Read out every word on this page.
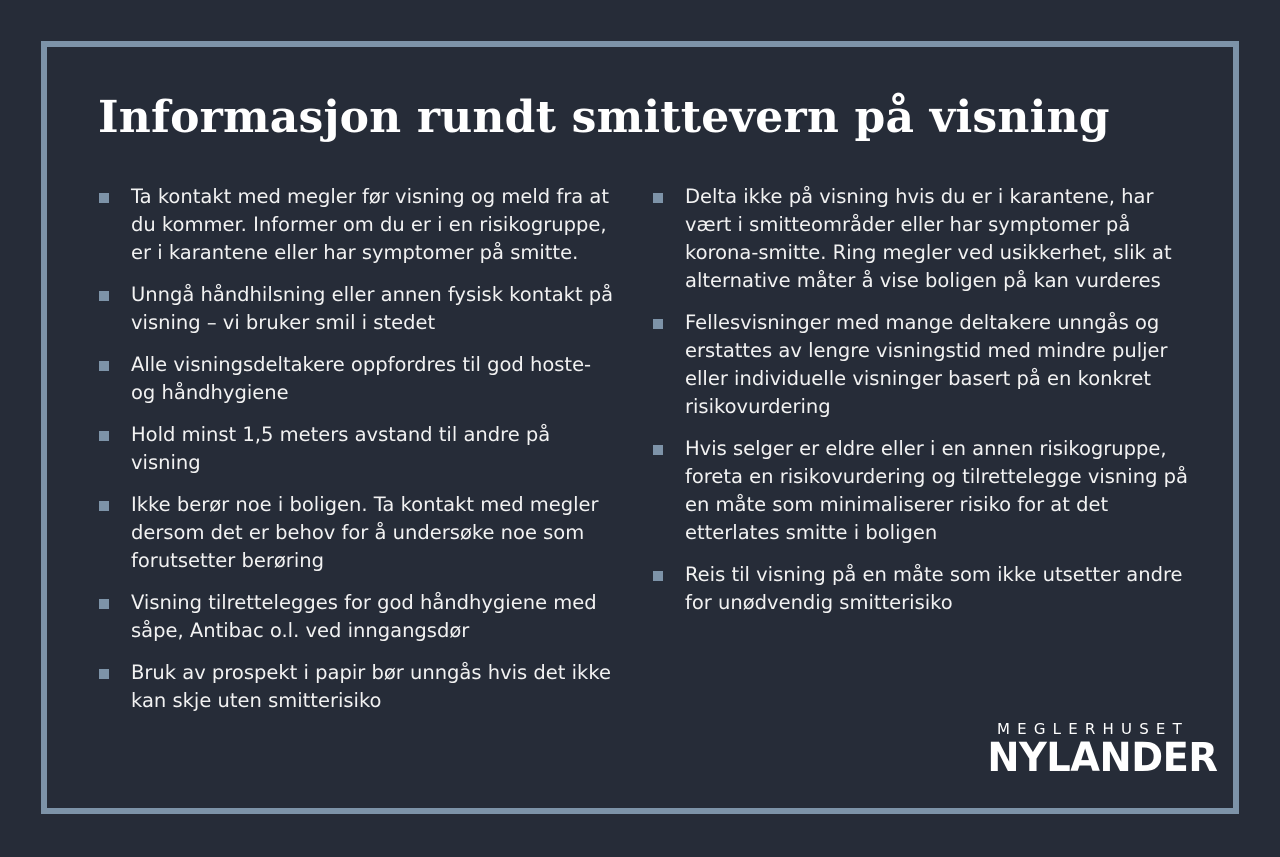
Informasjon rundt smittevern på visning
Ta kontakt med megler før visning og meld fra at du kommer. Informer om du er i en risikogruppe, er i karantene eller har symptomer på smitte.
Unngå håndhilsning eller annen fysisk kontakt på visning – vi bruker smil i stedet
Alle visningsdeltakere oppfordres til god hoste- og håndhygiene
Hold minst 1,5 meters avstand til andre på visning
Ikke berør noe i boligen. Ta kontakt med megler dersom det er behov for å undersøke noe som forutsetter berøring
Visning tilrettelegges for god håndhygiene med såpe, Antibac o.l. ved inngangsdør
Bruk av prospekt i papir bør unngås hvis det ikke kan skje uten smitterisiko
Delta ikke på visning hvis du er i karantene, har vært i smitteområder eller har symptomer på korona-smitte. Ring megler ved usikkerhet, slik at alternative måter å vise boligen på kan vurderes
Fellesvisninger med mange deltakere unngås og erstattes av lengre visningstid med mindre puljer eller individuelle visninger basert på en konkret risikovurdering
Hvis selger er eldre eller i en annen risikogruppe, foreta en risikovurdering og tilrettelegge visning på en måte som minimaliserer risiko for at det etterlates smitte i boligen
Reis til visning på en måte som ikke utsetter andre for unødvendig smitterisiko
MEGLERHUSET
NYLANDER
